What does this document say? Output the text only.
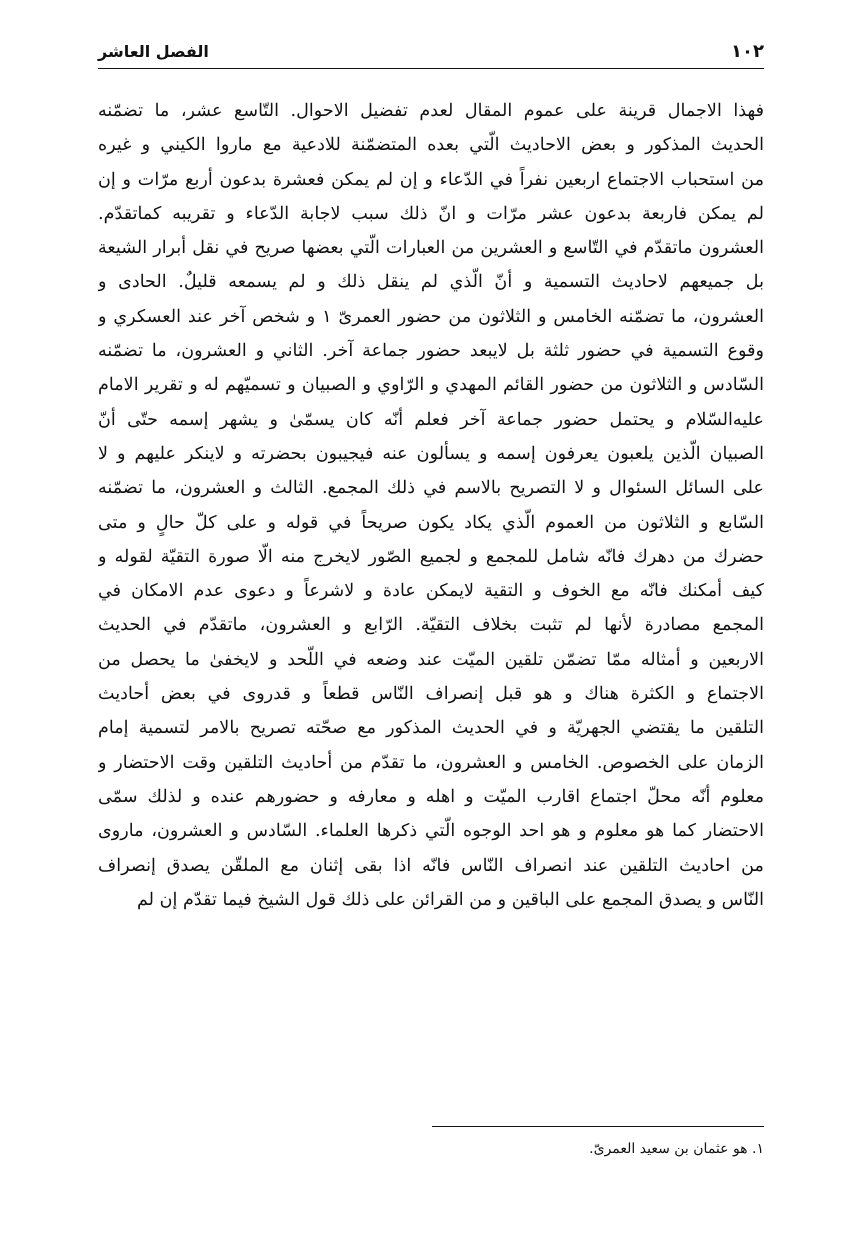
١٠٢
الفصل العاشر
فهذا الاجمال قرينة على عموم المقال لعدم تفضيل الاحوال. التّاسع عشر، ما تضمّنه
الحديث المذكور و بعض الاحاديث الّتي بعده المتضمّنة للادعية مع ماروا الكيني و غيره
من استحباب الاجتماع اربعين نفراً في الدّعاء و إن لم يمكن فعشرة بدعون أربع مرّات و إن
لم يمكن فاربعة بدعون عشر مرّات و انّ ذلك سبب لاجابة الدّعاء و تقريبه كماتقدّم.
العشرون ماتقدّم في التّاسع و العشرين من العبارات الّتي بعضها صريح في نقل أبرار الشيعة
بل جميعهم لاحاديث التسمية و أنّ الّذي لم ينقل ذلك و لم يسمعه قليلٌ. الحادى و
العشرون، ما تضمّنه الخامس و الثلاثون من حضور العمرىّ ١ و شخص آخر عند العسكري و
وقوع التسمية في حضور ثلثة بل لايبعد حضور جماعة آخر. الثاني و العشرون، ما تضمّنه
السّادس و الثلاثون من حضور القائم المهدي و الرّاوي و الصبيان و تسميّهم له و تقرير الامام
عليه‌السّلام و يحتمل حضور جماعة آخر فعلم أنّه كان يسمّىٰ و يشهر إسمه حتّى أنّ
الصبيان الّذين يلعبون يعرفون إسمه و يسألون عنه فيجيبون بحضرته و لاينكر عليهم و لا
على السائل السئوال و لا التصريح بالاسم في ذلك المجمع. الثالث و العشرون، ما تضمّنه
السّابع و الثلاثون من العموم الّذي يكاد يكون صريحاً في قوله و على كلّ حالٍ و متى
حضرك من دهرك فانّه شامل للمجمع و لجميع الصّور لايخرج منه الّا صورة التقيّة لقوله و
كيف أمكنك فانّه مع الخوف و التقية لايمكن عادة و لاشرعاً و دعوى عدم الامكان في
المجمع مصادرة لأنها لم تثبت بخلاف التقيّة. الرّابع و العشرون، ماتقدّم في الحديث
الاربعين و أمثاله ممّا تضمّن تلقين الميّت عند وضعه في اللّحد و لايخفىٰ ما يحصل من
الاجتماع و الكثرة هناك و هو قبل إنصراف النّاس قطعاً و قدروى في بعض أحاديث
التلقين ما يقتضي الجهريّة و في الحديث المذكور مع صحّته تصريح بالامر لتسمية إمام
الزمان على الخصوص. الخامس و العشرون، ما تقدّم من أحاديث التلقين وقت الاحتضار و
معلوم أنّه محلّ اجتماع اقارب الميّت و اهله و معارفه و حضورهم عنده و لذلك سمّى
الاحتضار كما هو معلوم و هو احد الوجوه الّتي ذكرها العلماء. السّادس و العشرون، ماروى
من احاديث التلقين عند انصراف النّاس فانّه اذا بقى إثنان مع الملقّن يصدق إنصراف
النّاس و يصدق المجمع على الباقين و من القرائن على ذلك قول الشيخ فيما تقدّم إن لم
١. هو عثمان بن سعيد العمرىّ.
